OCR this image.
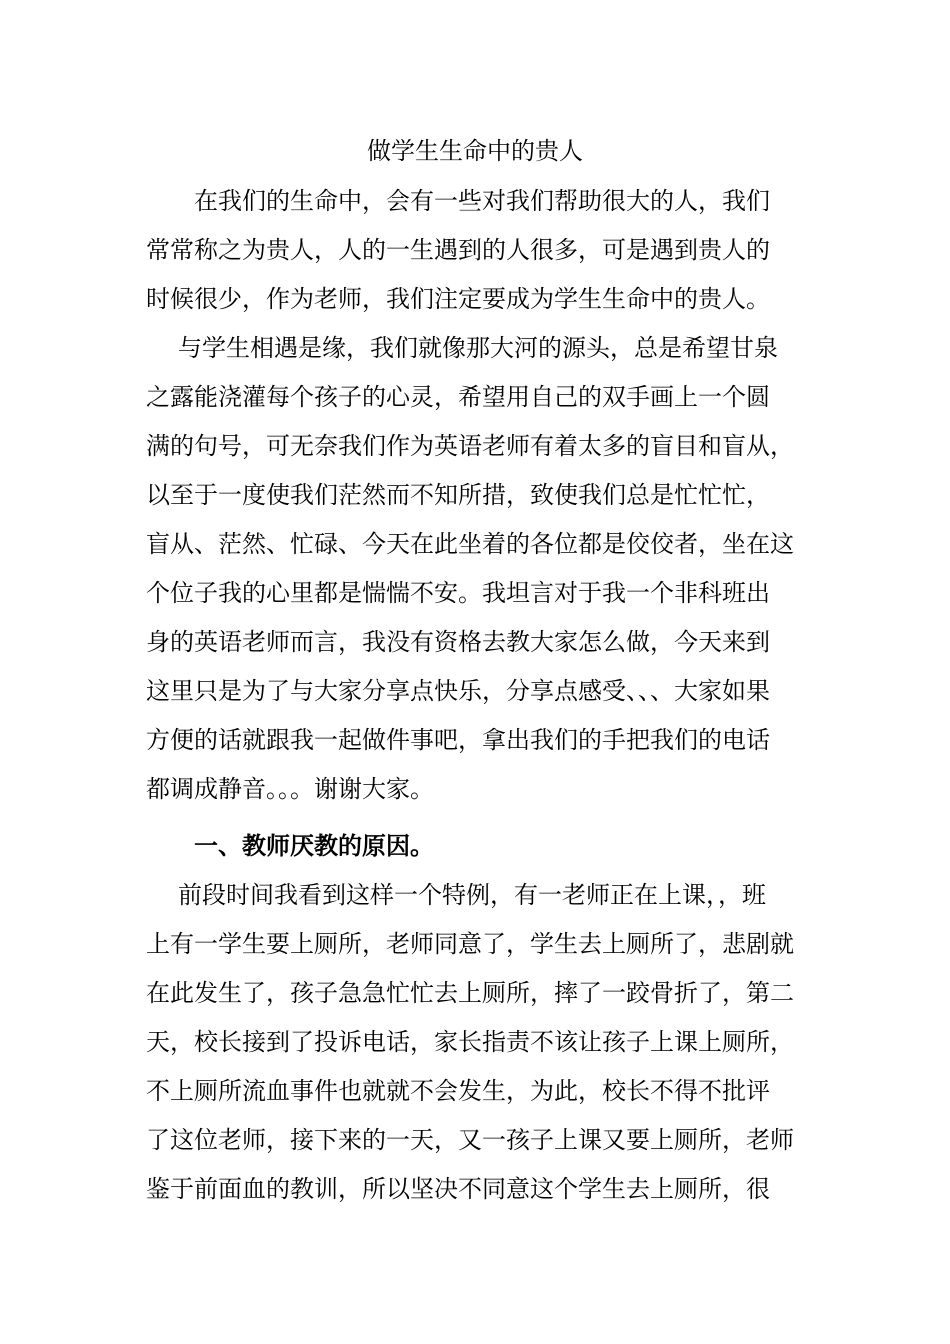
做学生生命中的贵人
在我们的生命中，会有一些对我们帮助很大的人，我们
常常称之为贵人，人的一生遇到的人很多，可是遇到贵人的
时候很少，作为老师，我们注定要成为学生生命中的贵人。
与学生相遇是缘，我们就像那大河的源头，总是希望甘泉
之露能浇灌每个孩子的心灵，希望用自己的双手画上一个圆
满的句号，可无奈我们作为英语老师有着太多的盲目和盲从，
以至于一度使我们茫然而不知所措，致使我们总是忙忙忙，
盲从、茫然、忙碌、今天在此坐着的各位都是佼佼者，坐在这
个位子我的心里都是惴惴不安。我坦言对于我一个非科班出
身的英语老师而言，我没有资格去教大家怎么做，今天来到
这里只是为了与大家分享点快乐，分享点感受、、、大家如果
方便的话就跟我一起做件事吧，拿出我们的手把我们的电话
都调成静音。。。谢谢大家。
一、教师厌教的原因。
前段时间我看到这样一个特例，有一老师正在上课，，班
上有一学生要上厕所，老师同意了，学生去上厕所了，悲剧就
在此发生了，孩子急急忙忙去上厕所，摔了一跤骨折了，第二
天，校长接到了投诉电话，家长指责不该让孩子上课上厕所，
不上厕所流血事件也就就不会发生，为此，校长不得不批评
了这位老师，接下来的一天，又一孩子上课又要上厕所，老师
鉴于前面血的教训，所以坚决不同意这个学生去上厕所，很
